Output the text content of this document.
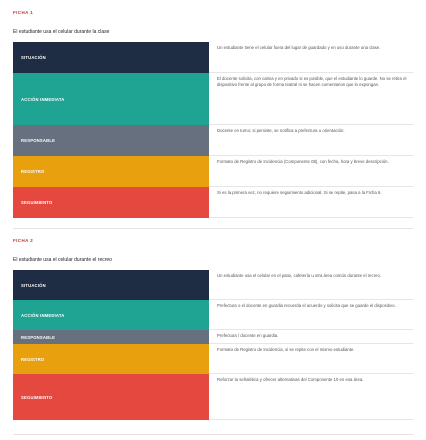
FICHA 1
El estudiante usa el celular durante la clase
SITUACIÓN
Un estudiante tiene el celular fuera del lugar de guardado y en uso durante una clase.
ACCIÓN INMEDIATA
El docente solicita, con calma y en privado si es posible, que el estudiante lo guarde. No se retira el dispositivo frente al grupo de forma teatral ni se hacen comentarios que lo expongan.
RESPONSABLE
Docente en turno; si persiste, se notifica a prefectura u orientación.
REGISTRO
Formato de Registro de Incidencia (Componente 08), con fecha, hora y breve descripción.
SEGUIMIENTO
Si es la primera vez, no requiere seguimiento adicional. Si se repite, pasa a la Ficha 6.
FICHA 2
El estudiante usa el celular durante el recreo
SITUACIÓN
Un estudiante usa el celular en el patio, cafetería u otra área común durante el recreo.
ACCIÓN INMEDIATA
Prefectura o el docente en guardia recuerda el acuerdo y solicita que se guarde el dispositivo.
RESPONSABLE	Prefectura / docente en guardia.
REGISTRO
Formato de Registro de Incidencia, si se repite con el mismo estudiante.
SEGUIMIENTO
Reforzar la señalética y ofrecer alternativas del Componente 10 en esa área.
